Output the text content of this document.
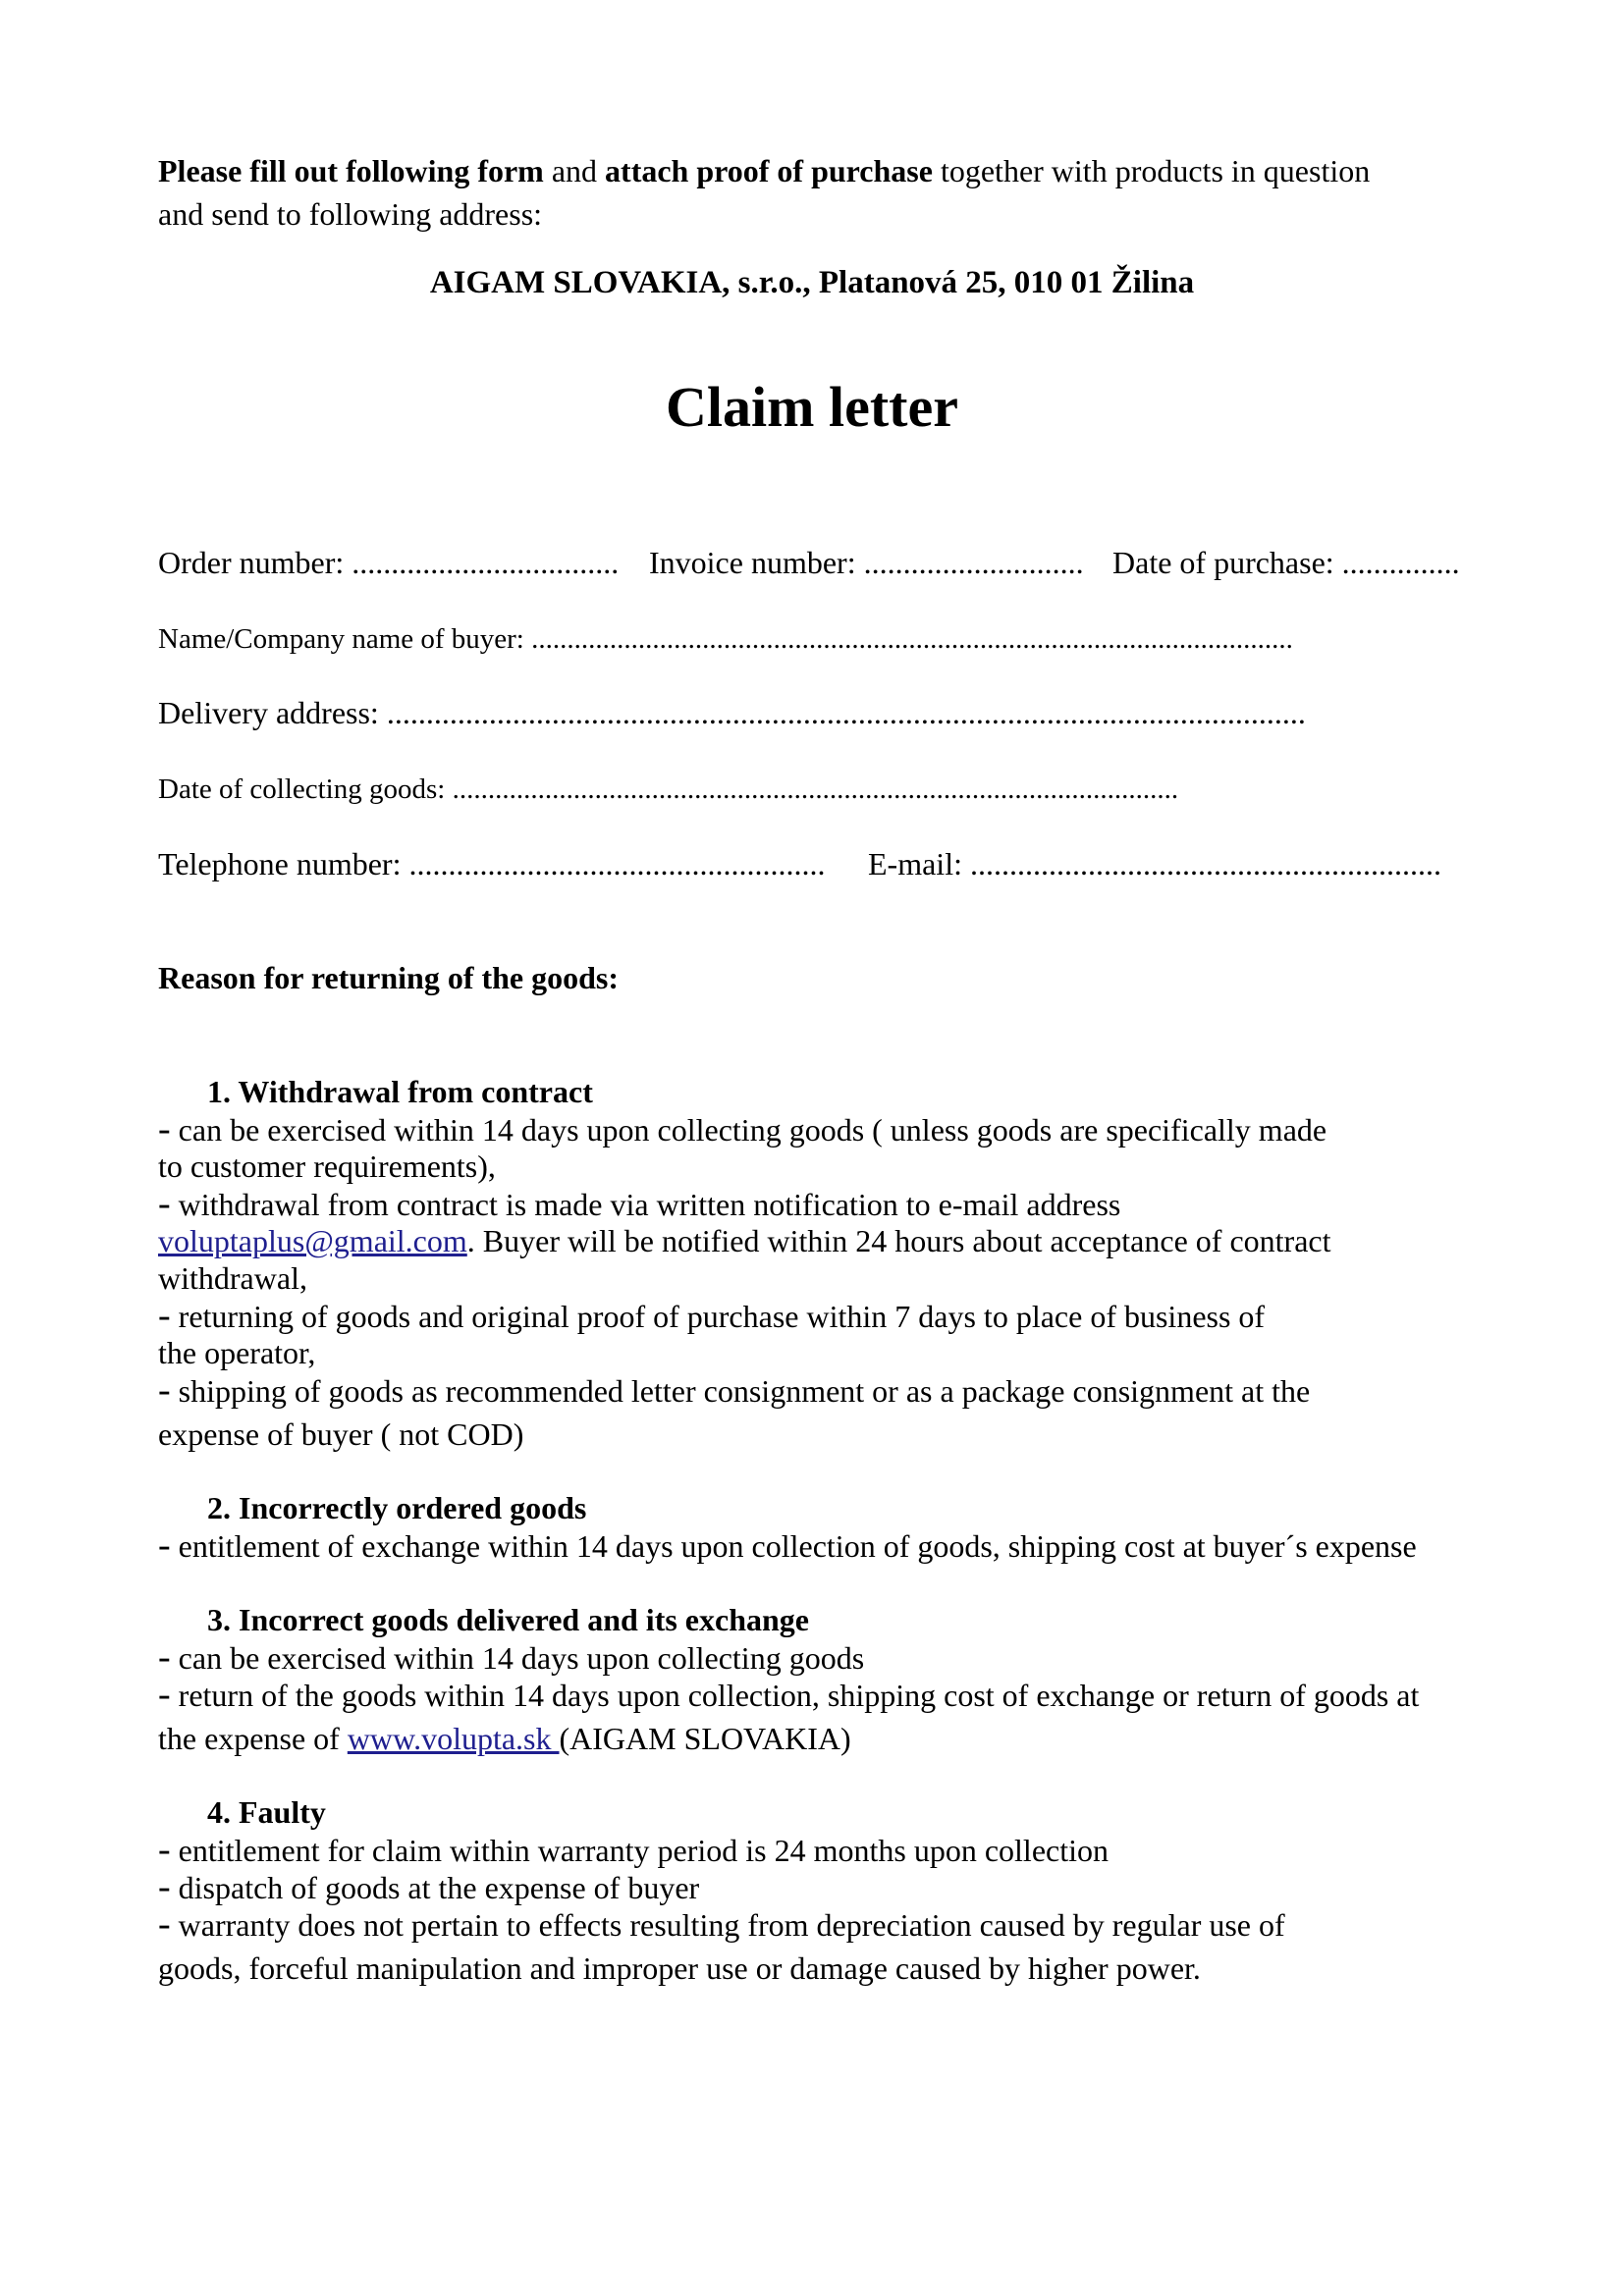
Please fill out following form and attach proof of purchase together with products in question
and send to following address:
AIGAM SLOVAKIA, s.r.o., Platanová 25, 010 01 Žilina
Claim letter
Order number: .................................. Invoice number: ............................ Date of purchase: ...............
Name/Company name of buyer: ...........................................................................................................
Delivery address: .....................................................................................................................
Date of collecting goods: ......................................................................................................
Telephone number: ..................................................... E-mail: ............................................................
Reason for returning of the goods:
1. Withdrawal from contract
- can be exercised within 14 days upon collecting goods ( unless goods are specifically made
to customer requirements),
- withdrawal from contract is made via written notification to e-mail address
voluptaplus@gmail.com. Buyer will be notified within 24 hours about acceptance of contract
withdrawal,
- returning of goods and original proof of purchase within 7 days to place of business of
the operator,
- shipping of goods as recommended letter consignment or as a package consignment at the
expense of buyer ( not COD)
2. Incorrectly ordered goods
- entitlement of exchange within 14 days upon collection of goods, shipping cost at buyer´s expense
3. Incorrect goods delivered and its exchange
- can be exercised within 14 days upon collecting goods
- return of the goods within 14 days upon collection, shipping cost of exchange or return of goods at
the expense of www.volupta.sk (AIGAM SLOVAKIA)
4. Faulty
- entitlement for claim within warranty period is 24 months upon collection
- dispatch of goods at the expense of buyer
- warranty does not pertain to effects resulting from depreciation caused by regular use of
goods, forceful manipulation and improper use or damage caused by higher power.
